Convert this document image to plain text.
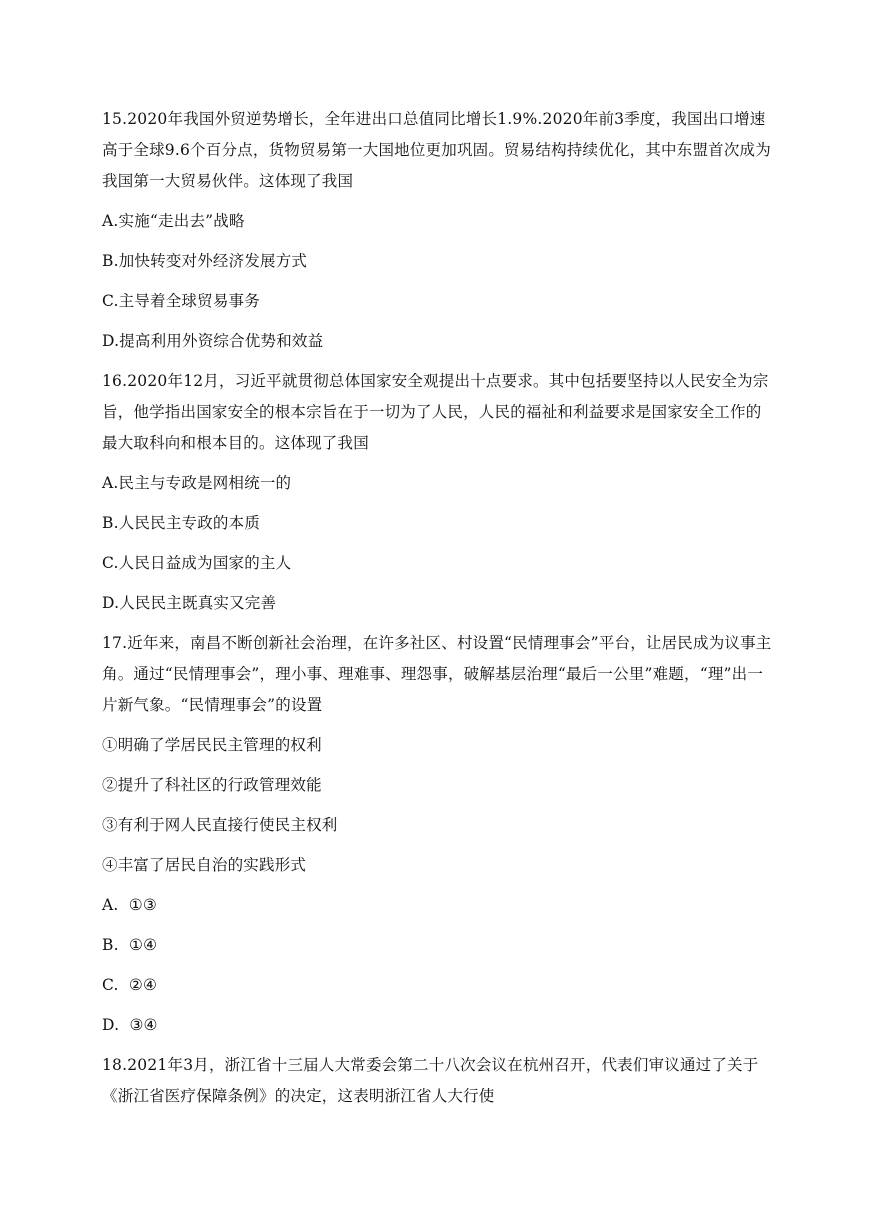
15.2020年我国外贸逆势增长，全年进出口总值同比增长1.9%.2020年前3季度，我国出口增速高于全球9.6个百分点，货物贸易第一大国地位更加巩固。贸易结构持续优化，其中东盟首次成为我国第一大贸易伙伴。这体现了我国

A.实施“走出去”战略

B.加快转变对外经济发展方式

C.主导着全球贸易事务

D.提高利用外资综合优势和效益

16.2020年12月，习近平就贯彻总体国家安全观提出十点要求。其中包括要坚持以人民安全为宗旨，他学指出国家安全的根本宗旨在于一切为了人民，人民的福祉和利益要求是国家安全工作的最大取科向和根本目的。这体现了我国

A.民主与专政是网相统一的

B.人民民主专政的本质

C.人民日益成为国家的主人

D.人民民主既真实又完善

17.近年来，南昌不断创新社会治理，在许多社区、村设置“民情理事会”平台，让居民成为议事主角。通过“民情理事会”，理小事、理难事、理怨事，破解基层治理“最后一公里”难题，“理”出一片新气象。“民情理事会”的设置

①明确了学居民民主管理的权利

②提升了科社区的行政管理效能

③有利于网人民直接行使民主权利

④丰富了居民自治的实践形式

A.  ①③

B.  ①④

C.  ②④

D.  ③④

18.2021年3月，浙江省十三届人大常委会第二十八次会议在杭州召开，代表们审议通过了关于《浙江省医疗保障条例》的决定，这表明浙江省人大行使
